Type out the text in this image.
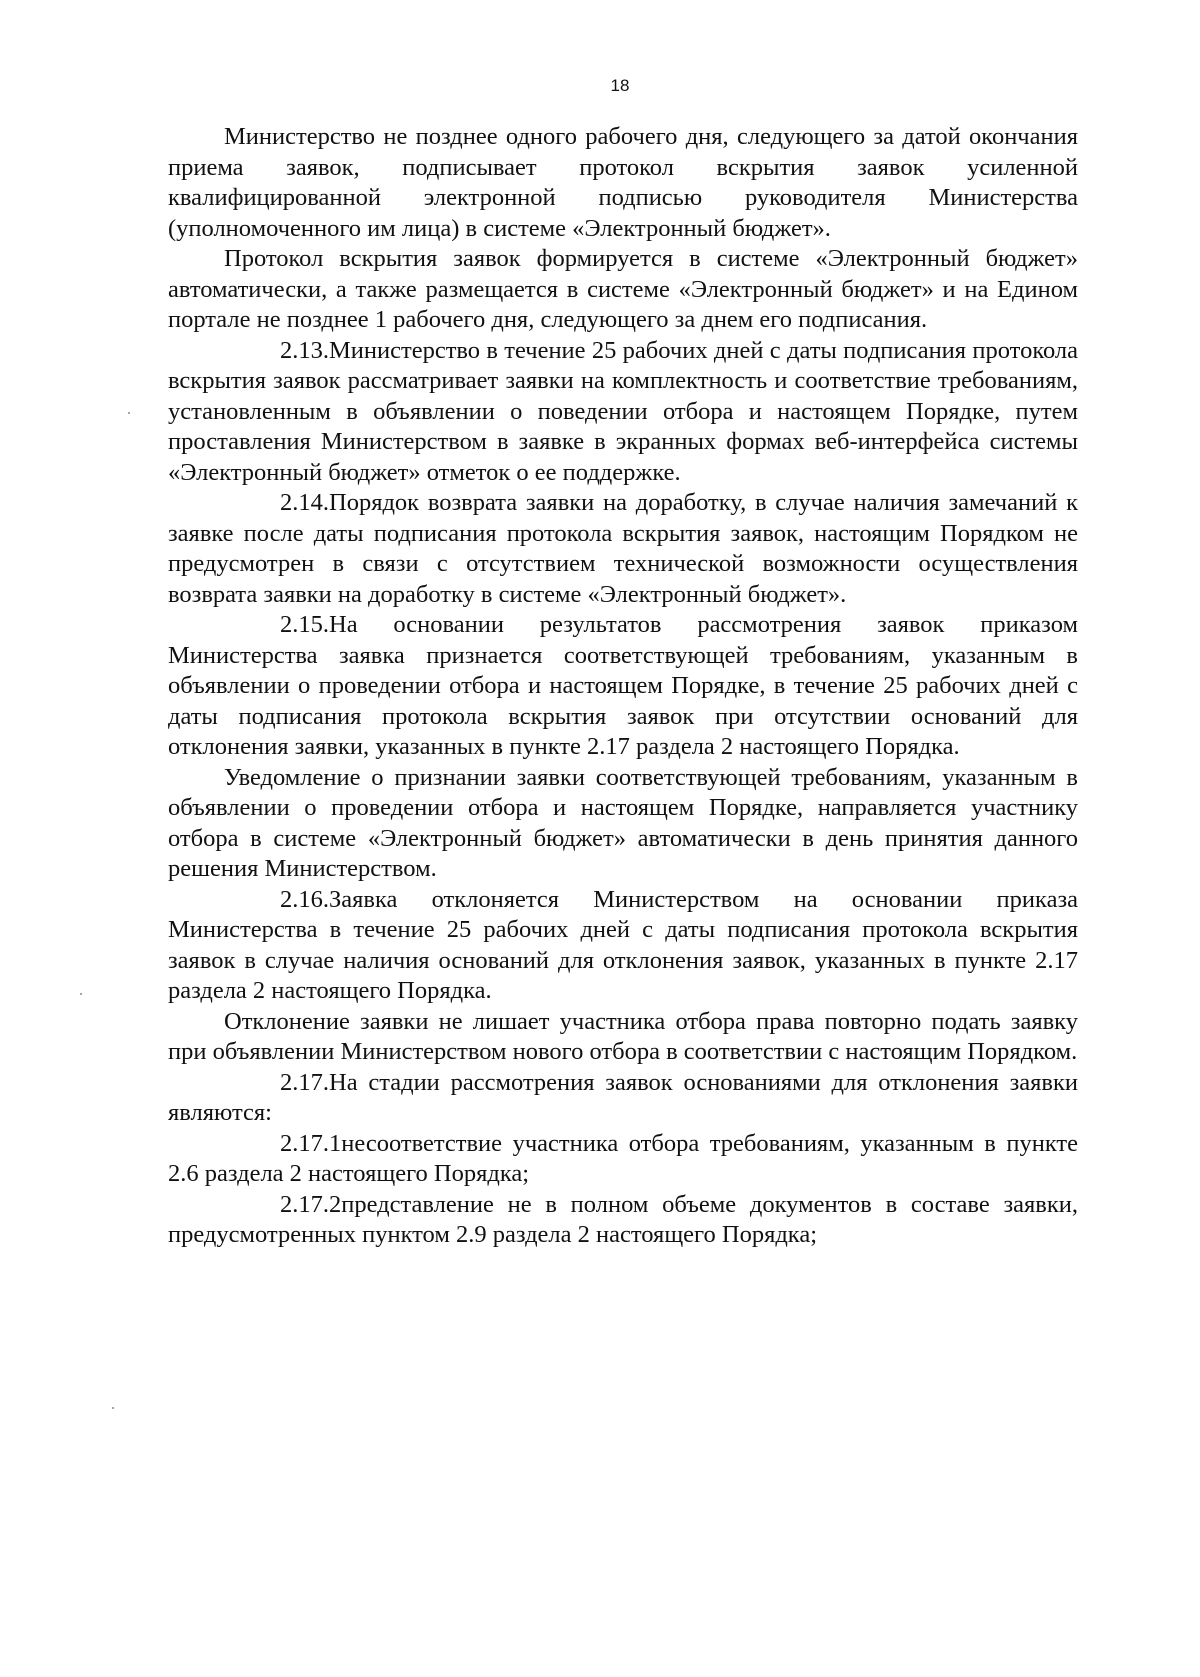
18

Министерство не позднее одного рабочего дня, следующего за датой окончания приема заявок, подписывает протокол вскрытия заявок усиленной квалифицированной электронной подписью руководителя Министерства (уполномоченного им лица) в системе «Электронный бюджет».

Протокол вскрытия заявок формируется в системе «Электронный бюджет» автоматически, а также размещается в системе «Электронный бюджет» и на Едином портале не позднее 1 рабочего дня, следующего за днем его подписания.

2.13.Министерство в течение 25 рабочих дней с даты подписания протокола вскрытия заявок рассматривает заявки на комплектность и соответствие требованиям, установленным в объявлении о поведении отбора и настоящем Порядке, путем проставления Министерством в заявке в экранных формах веб-интерфейса системы «Электронный бюджет» отметок о ее поддержке.

2.14.Порядок возврата заявки на доработку, в случае наличия замечаний к заявке после даты подписания протокола вскрытия заявок, настоящим Порядком не предусмотрен в связи с отсутствием технической возможности осуществления возврата заявки на доработку в системе «Электронный бюджет».

2.15.На основании результатов рассмотрения заявок приказом Министерства заявка признается соответствующей требованиям, указанным в объявлении о проведении отбора и настоящем Порядке, в течение 25 рабочих дней с даты подписания протокола вскрытия заявок при отсутствии оснований для отклонения заявки, указанных в пункте 2.17 раздела 2 настоящего Порядка.

Уведомление о признании заявки соответствующей требованиям, указанным в объявлении о проведении отбора и настоящем Порядке, направляется участнику отбора в системе «Электронный бюджет» автоматически в день принятия данного решения Министерством.

2.16.Заявка отклоняется Министерством на основании приказа Министерства в течение 25 рабочих дней с даты подписания протокола вскрытия заявок в случае наличия оснований для отклонения заявок, указанных в пункте 2.17 раздела 2 настоящего Порядка.

Отклонение заявки не лишает участника отбора права повторно подать заявку при объявлении Министерством нового отбора в соответствии с настоящим Порядком.

2.17.На стадии рассмотрения заявок основаниями для отклонения заявки являются:

2.17.1несоответствие участника отбора требованиям, указанным в пункте 2.6 раздела 2 настоящего Порядка;

2.17.2представление не в полном объеме документов в составе заявки, предусмотренных пунктом 2.9 раздела 2 настоящего Порядка;
